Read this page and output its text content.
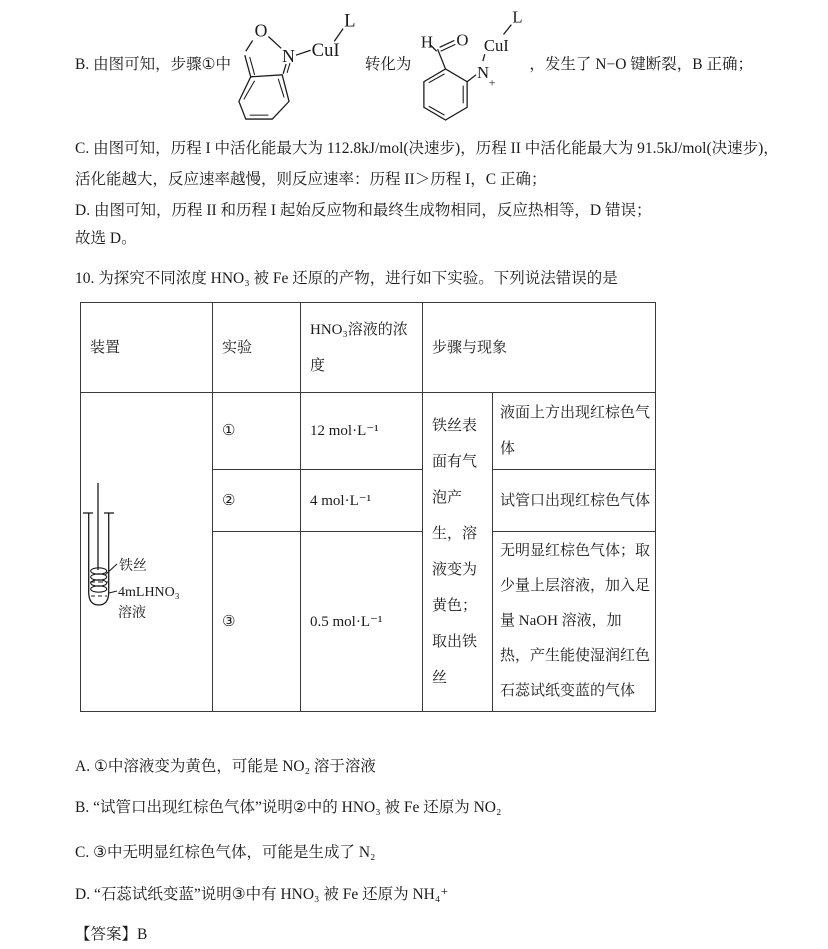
B. 由图可知，步骤①中
O
N CuI
L
转化为
H O
N
+
CuI
L
，发生了 N−O 键断裂，B 正确；
C. 由图可知，历程 I 中活化能最大为 112.8kJ/mol(决速步)，历程 II 中活化能最大为 91.5kJ/mol(决速步)，
活化能越大，反应速率越慢，则反应速率：历程 II＞历程 I，C 正确；
D. 由图可知，历程 II 和历程 I 起始反应物和最终生成物相同，反应热相等，D 错误；
故选 D。
10. 为探究不同浓度 HNO₃ 被 Fe 还原的产物，进行如下实验。下列说法错误的是
装置	实验	HNO₃溶液的浓度	步骤与现象	

铁丝
4mLHNO₃
溶液	①	12 mol·L⁻¹	铁丝表面有气泡产生，溶液变为黄色；取出铁丝	液面上方出现红棕色气体
	②	4 mol·L⁻¹		试管口出现红棕色气体
	③	0.5 mol·L⁻¹		无明显红棕色气体；取少量上层溶液，加入足量 NaOH 溶液，加热，产生能使湿润红色石蕊试纸变蓝的气体
A. ①中溶液变为黄色，可能是 NO₂ 溶于溶液
B. “试管口出现红棕色气体”说明②中的 HNO₃ 被 Fe 还原为 NO₂
C. ③中无明显红棕色气体，可能是生成了 N₂
D. “石蕊试纸变蓝”说明③中有 HNO₃ 被 Fe 还原为 NH₄⁺
【答案】B
